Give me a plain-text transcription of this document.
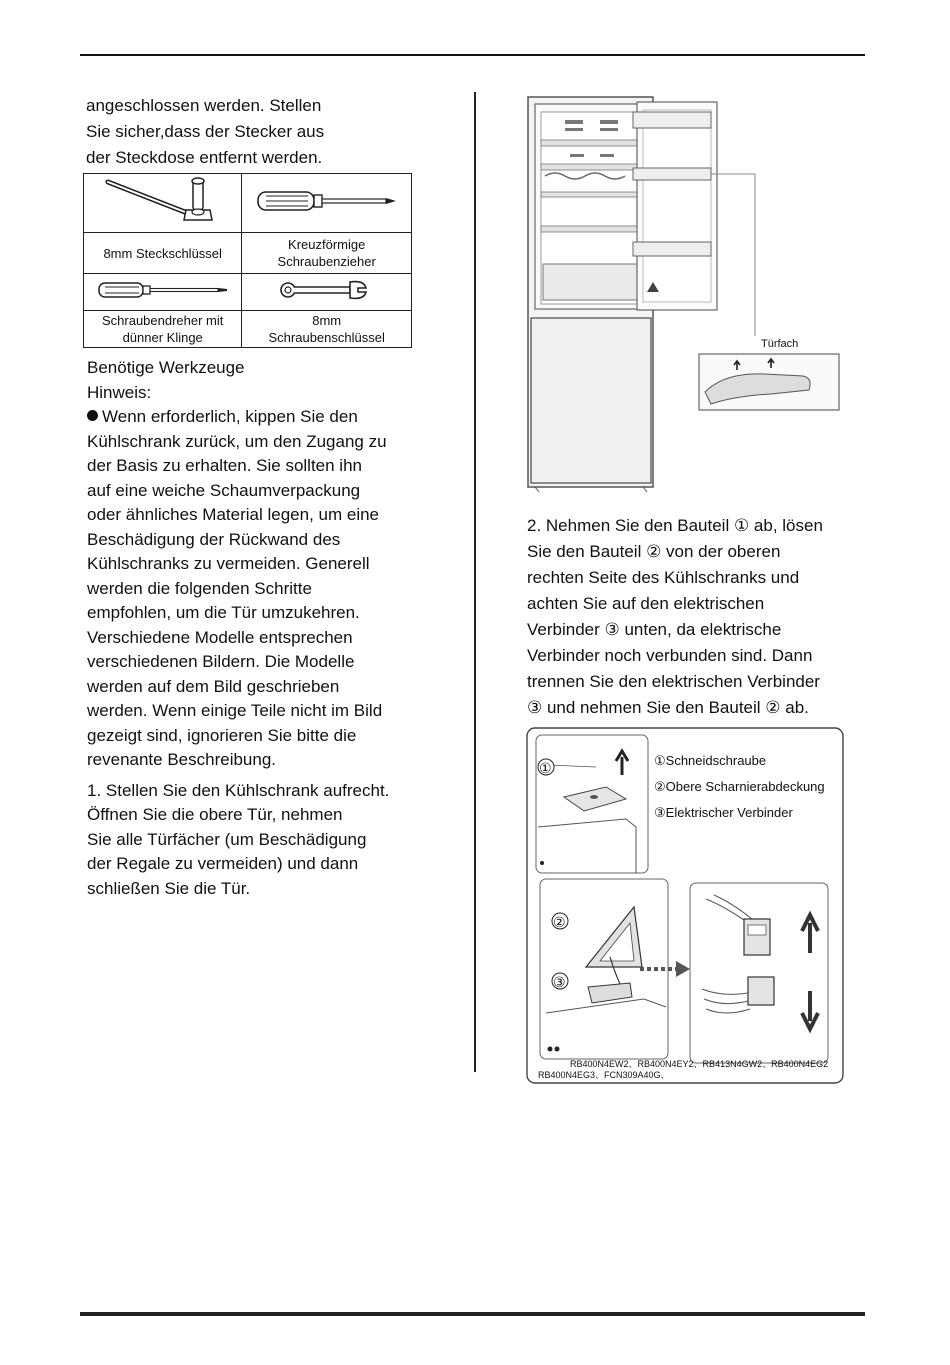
angeschlossen werden. Stellen

Sie sicher,dass der Stecker aus

der Steckdose entfernt werden.

8mm Steckschlüssel	Kreuzförmige
Schraubenzieher

Schraubendreher mit
dünner Klinge	8mm
Schraubenschlüssel

Benötige Werkzeuge

Hinweis:

Wenn erforderlich, kippen Sie den

Kühlschrank zurück, um den Zugang zu

der Basis zu erhalten. Sie sollten ihn

auf eine weiche Schaumverpackung

oder ähnliches Material legen, um eine

Beschädigung der Rückwand des

Kühlschranks zu vermeiden. Generell

werden die folgenden Schritte

empfohlen, um die Tür umzukehren.

Verschiedene Modelle entsprechen

verschiedenen Bildern. Die Modelle

werden auf dem Bild geschrieben

werden. Wenn einige Teile nicht im Bild

gezeigt sind, ignorieren Sie bitte die

revenante Beschreibung.

1. Stellen Sie den Kühlschrank aufrecht.

Öffnen Sie die obere Tür, nehmen

Sie alle Türfächer (um Beschädigung

der Regale zu vermeiden) und dann

schließen Sie die Tür.

Türfach

2. Nehmen Sie den Bauteil ① ab, lösen

Sie den Bauteil ② von der oberen

rechten Seite des Kühlschranks und

achten Sie auf den elektrischen

Verbinder ③ unten, da elektrische

Verbinder noch verbunden sind. Dann

trennen Sie den elektrischen Verbinder

③ und nehmen Sie den Bauteil ② ab.

①
①Schneidschraube
②Obere Scharnierabdeckung
③Elektrischer Verbinder
②
③
RB400N4EW2、RB400N4EY2、RB413N4GW2、RB400N4EG2
RB400N4EG3、FCN309A40G、
